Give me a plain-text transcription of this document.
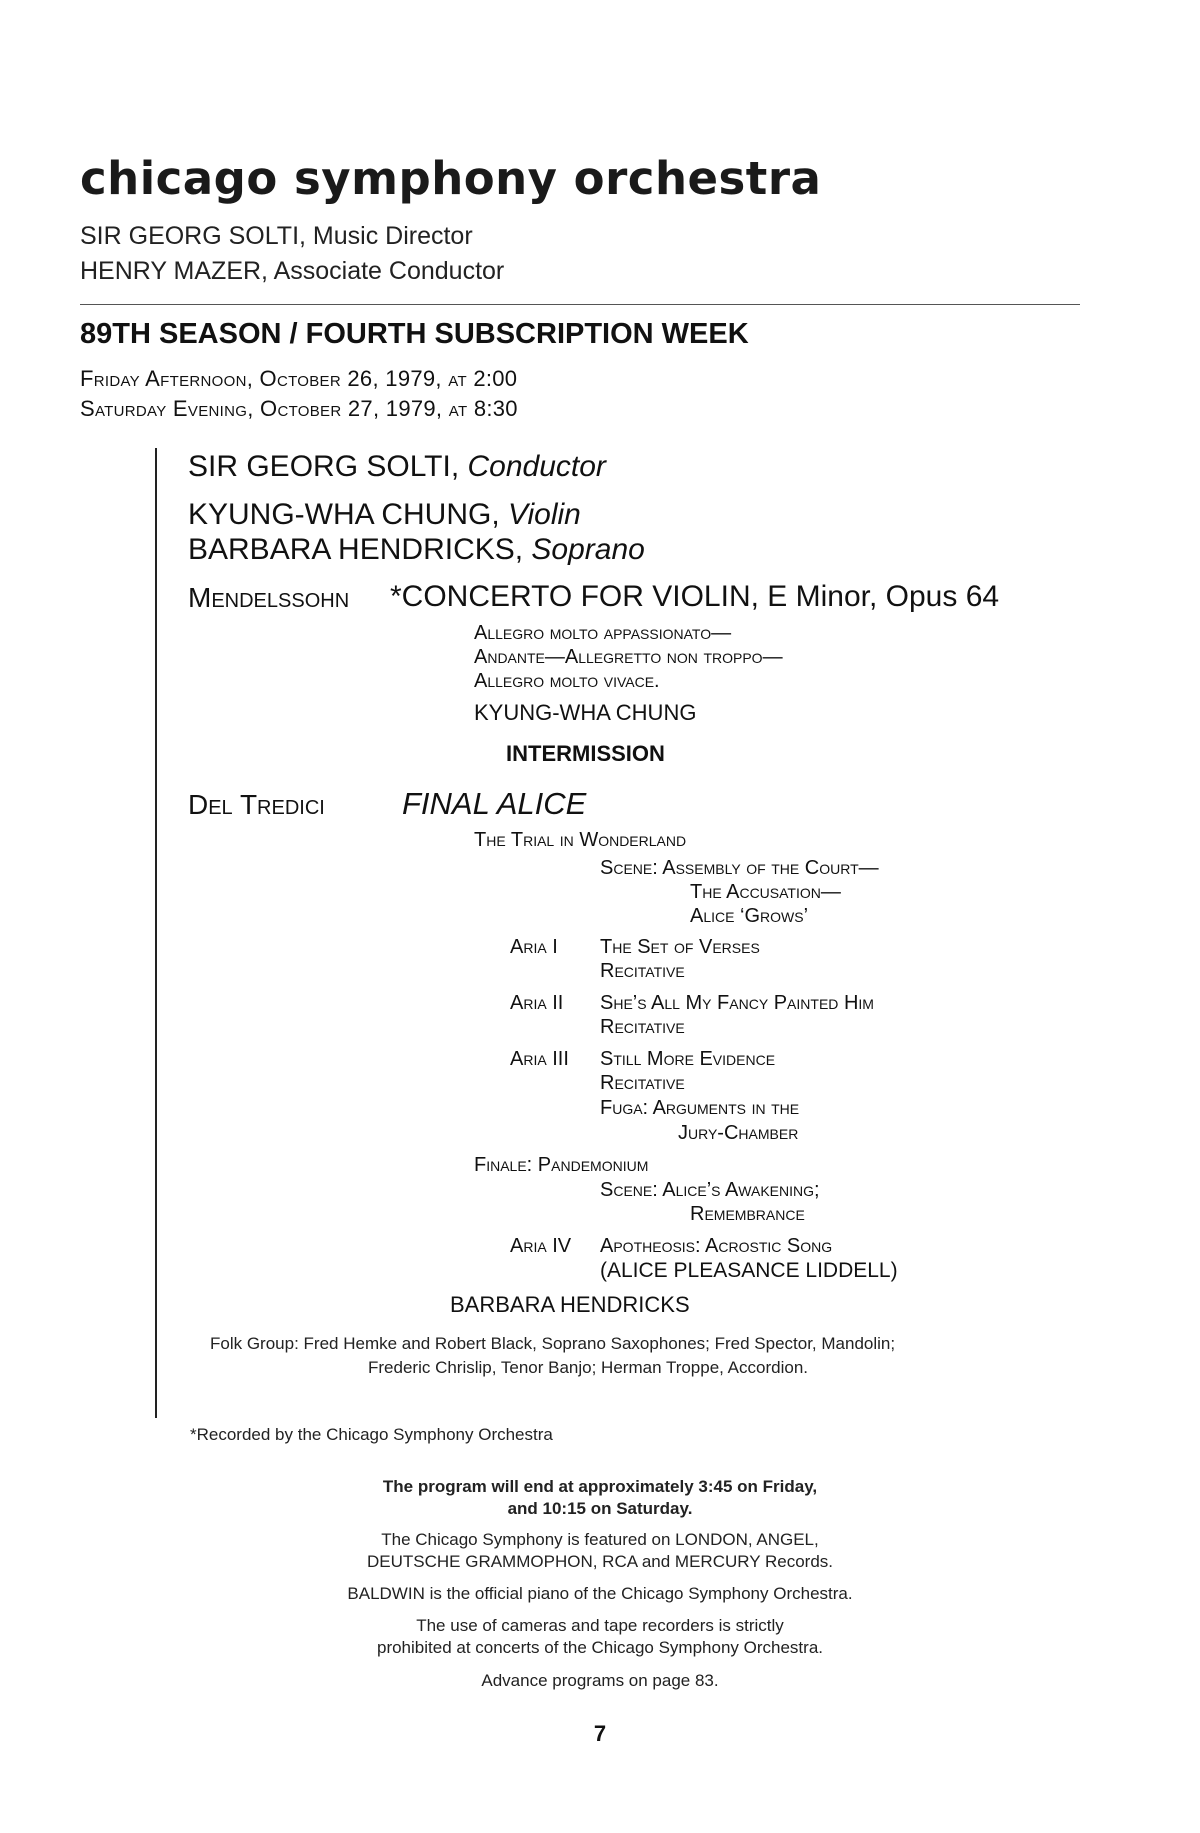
chicago symphony orchestra
SIR GEORG SOLTI, Music Director
HENRY MAZER, Associate Conductor
89TH SEASON / FOURTH SUBSCRIPTION WEEK
Friday Afternoon, October 26, 1979, at 2:00
Saturday Evening, October 27, 1979, at 8:30
SIR GEORG SOLTI, Conductor
KYUNG-WHA CHUNG, Violin
BARBARA HENDRICKS, Soprano
Mendelssohn *CONCERTO FOR VIOLIN, E Minor, Opus 64
Allegro molto appassionato—
Andante—Allegretto non troppo—
Allegro molto vivace.
KYUNG-WHA CHUNG
INTERMISSION
Del Tredici FINAL ALICE
The Trial in Wonderland
Scene: Assembly of the Court—
The Accusation—
Alice ‘Grows’
Aria I The Set of Verses
Recitative
Aria II She’s All My Fancy Painted Him
Recitative
Aria III Still More Evidence
Recitative
Fuga: Arguments in the
Jury-Chamber
Finale: Pandemonium
Scene: Alice’s Awakening;
Remembrance
Aria IV Apotheosis: Acrostic Song
(ALICE PLEASANCE LIDDELL)
BARBARA HENDRICKS
Folk Group: Fred Hemke and Robert Black, Soprano Saxophones; Fred Spector, Mandolin;
Frederic Chrislip, Tenor Banjo; Herman Troppe, Accordion.
*Recorded by the Chicago Symphony Orchestra
The program will end at approximately 3:45 on Friday,
and 10:15 on Saturday.
The Chicago Symphony is featured on LONDON, ANGEL,
DEUTSCHE GRAMMOPHON, RCA and MERCURY Records.
BALDWIN is the official piano of the Chicago Symphony Orchestra.
The use of cameras and tape recorders is strictly
prohibited at concerts of the Chicago Symphony Orchestra.
Advance programs on page 83.
7
